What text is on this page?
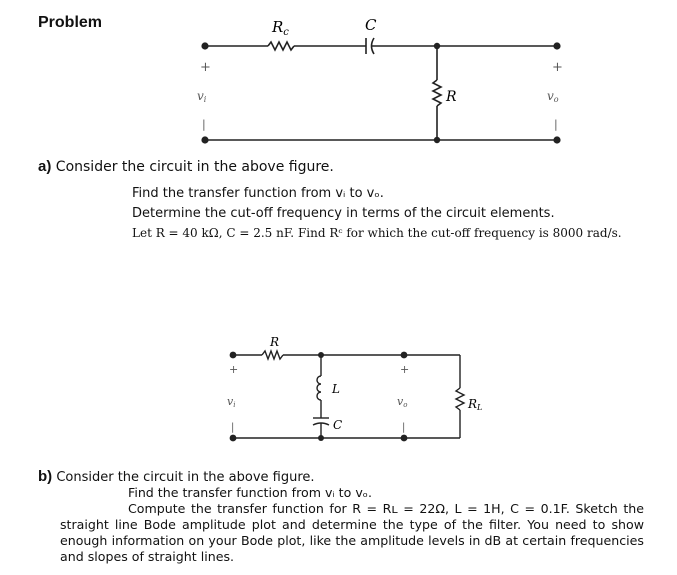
Problem	$R_c$	C
R
+
vi
|
+
vo
|
a) Consider the circuit in the above figure.
Find the transfer function from vᵢ to vₒ.
Determine the cut-off frequency in terms of the circuit elements.
Let R = 40 kΩ, C = 2.5 nF. Find Rᶜ for which the cut-off frequency is 8000 rad/s.
R
L
C
RL
+
vi
|
+
vo
|
b) Consider the circuit in the above figure.
Find the transfer function from vᵢ to vₒ.
Compute the transfer function for R = Rʟ = 22Ω, L = 1H, C = 0.1F. Sketch the straight line Bode amplitude plot and determine the type of the filter. You need to show enough information on your Bode plot, like the amplitude levels in dB at certain frequencies and slopes of straight lines.
